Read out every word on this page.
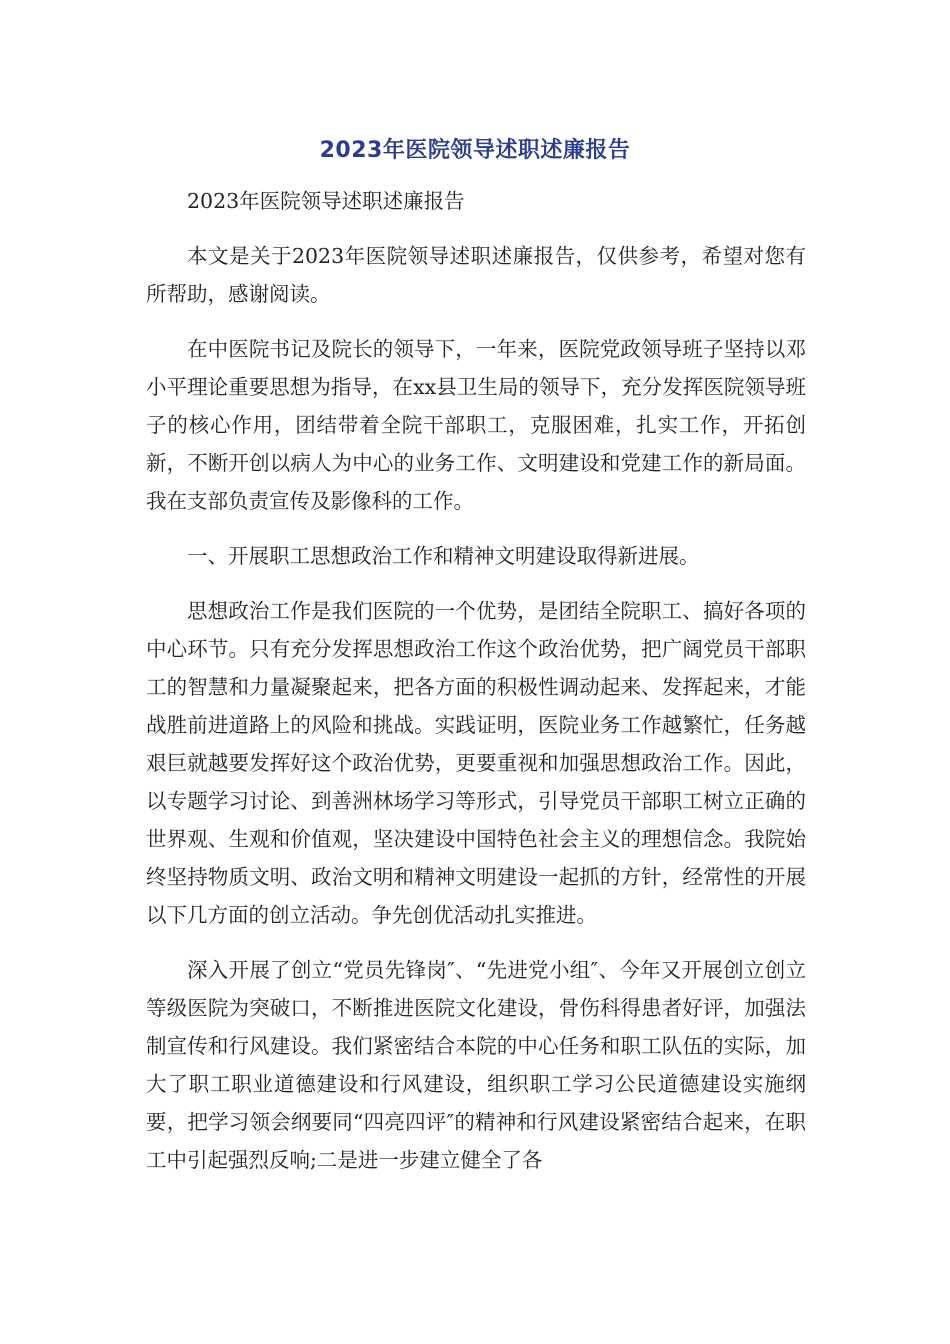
2023年医院领导述职述廉报告

2023年医院领导述职述廉报告

本文是关于2023年医院领导述职述廉报告，仅供参考，希望对您有所帮助，感谢阅读。

在中医院书记及院长的领导下，一年来，医院党政领导班子坚持以邓小平理论重要思想为指导，在xx县卫生局的领导下，充分发挥医院领导班子的核心作用，团结带着全院干部职工，克服困难，扎实工作，开拓创新，不断开创以病人为中心的业务工作、文明建设和党建工作的新局面。我在支部负责宣传及影像科的工作。

一、开展职工思想政治工作和精神文明建设取得新进展。

思想政治工作是我们医院的一个优势，是团结全院职工、搞好各项的中心环节。只有充分发挥思想政治工作这个政治优势，把广阔党员干部职工的智慧和力量凝聚起来，把各方面的积极性调动起来、发挥起来，才能战胜前进道路上的风险和挑战。实践证明，医院业务工作越繁忙，任务越艰巨就越要发挥好这个政治优势，更要重视和加强思想政治工作。因此，以专题学习讨论、到善洲林场学习等形式，引导党员干部职工树立正确的世界观、生观和价值观，坚决建设中国特色社会主义的理想信念。我院始终坚持物质文明、政治文明和精神文明建设一起抓的方针，经常性的开展以下几方面的创立活动。争先创优活动扎实推进。

深入开展了创立“党员先锋岗″、“先进党小组″、今年又开展创立创立等级医院为突破口，不断推进医院文化建设，骨伤科得患者好评，加强法制宣传和行风建设。我们紧密结合本院的中心任务和职工队伍的实际，加大了职工职业道德建设和行风建设，组织职工学习公民道德建设实施纲要，把学习领会纲要同“四亮四评″的精神和行风建设紧密结合起来，在职工中引起强烈反响;二是进一步建立健全了各
